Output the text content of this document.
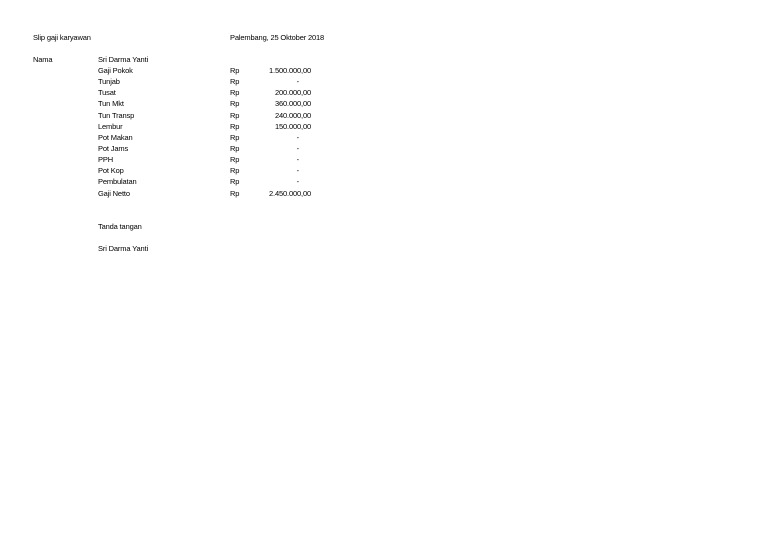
Slip gaji karyawan	Palembang, 25 Oktober 2018
Nama	Sri Darma Yanti
Gaji Pokok	Rp	1.500.000,00
Tunjab	Rp	-
Tusat	Rp	200.000,00
Tun Mkt	Rp	360.000,00
Tun Transp	Rp	240.000,00
Lembur	Rp	150.000,00
Pot Makan	Rp	-
Pot Jams	Rp	-
PPH	Rp	-
Pot Kop	Rp	-
Pembulatan	Rp	-
Gaji Netto	Rp	2.450.000,00
Tanda tangan
Sri Darma Yanti
